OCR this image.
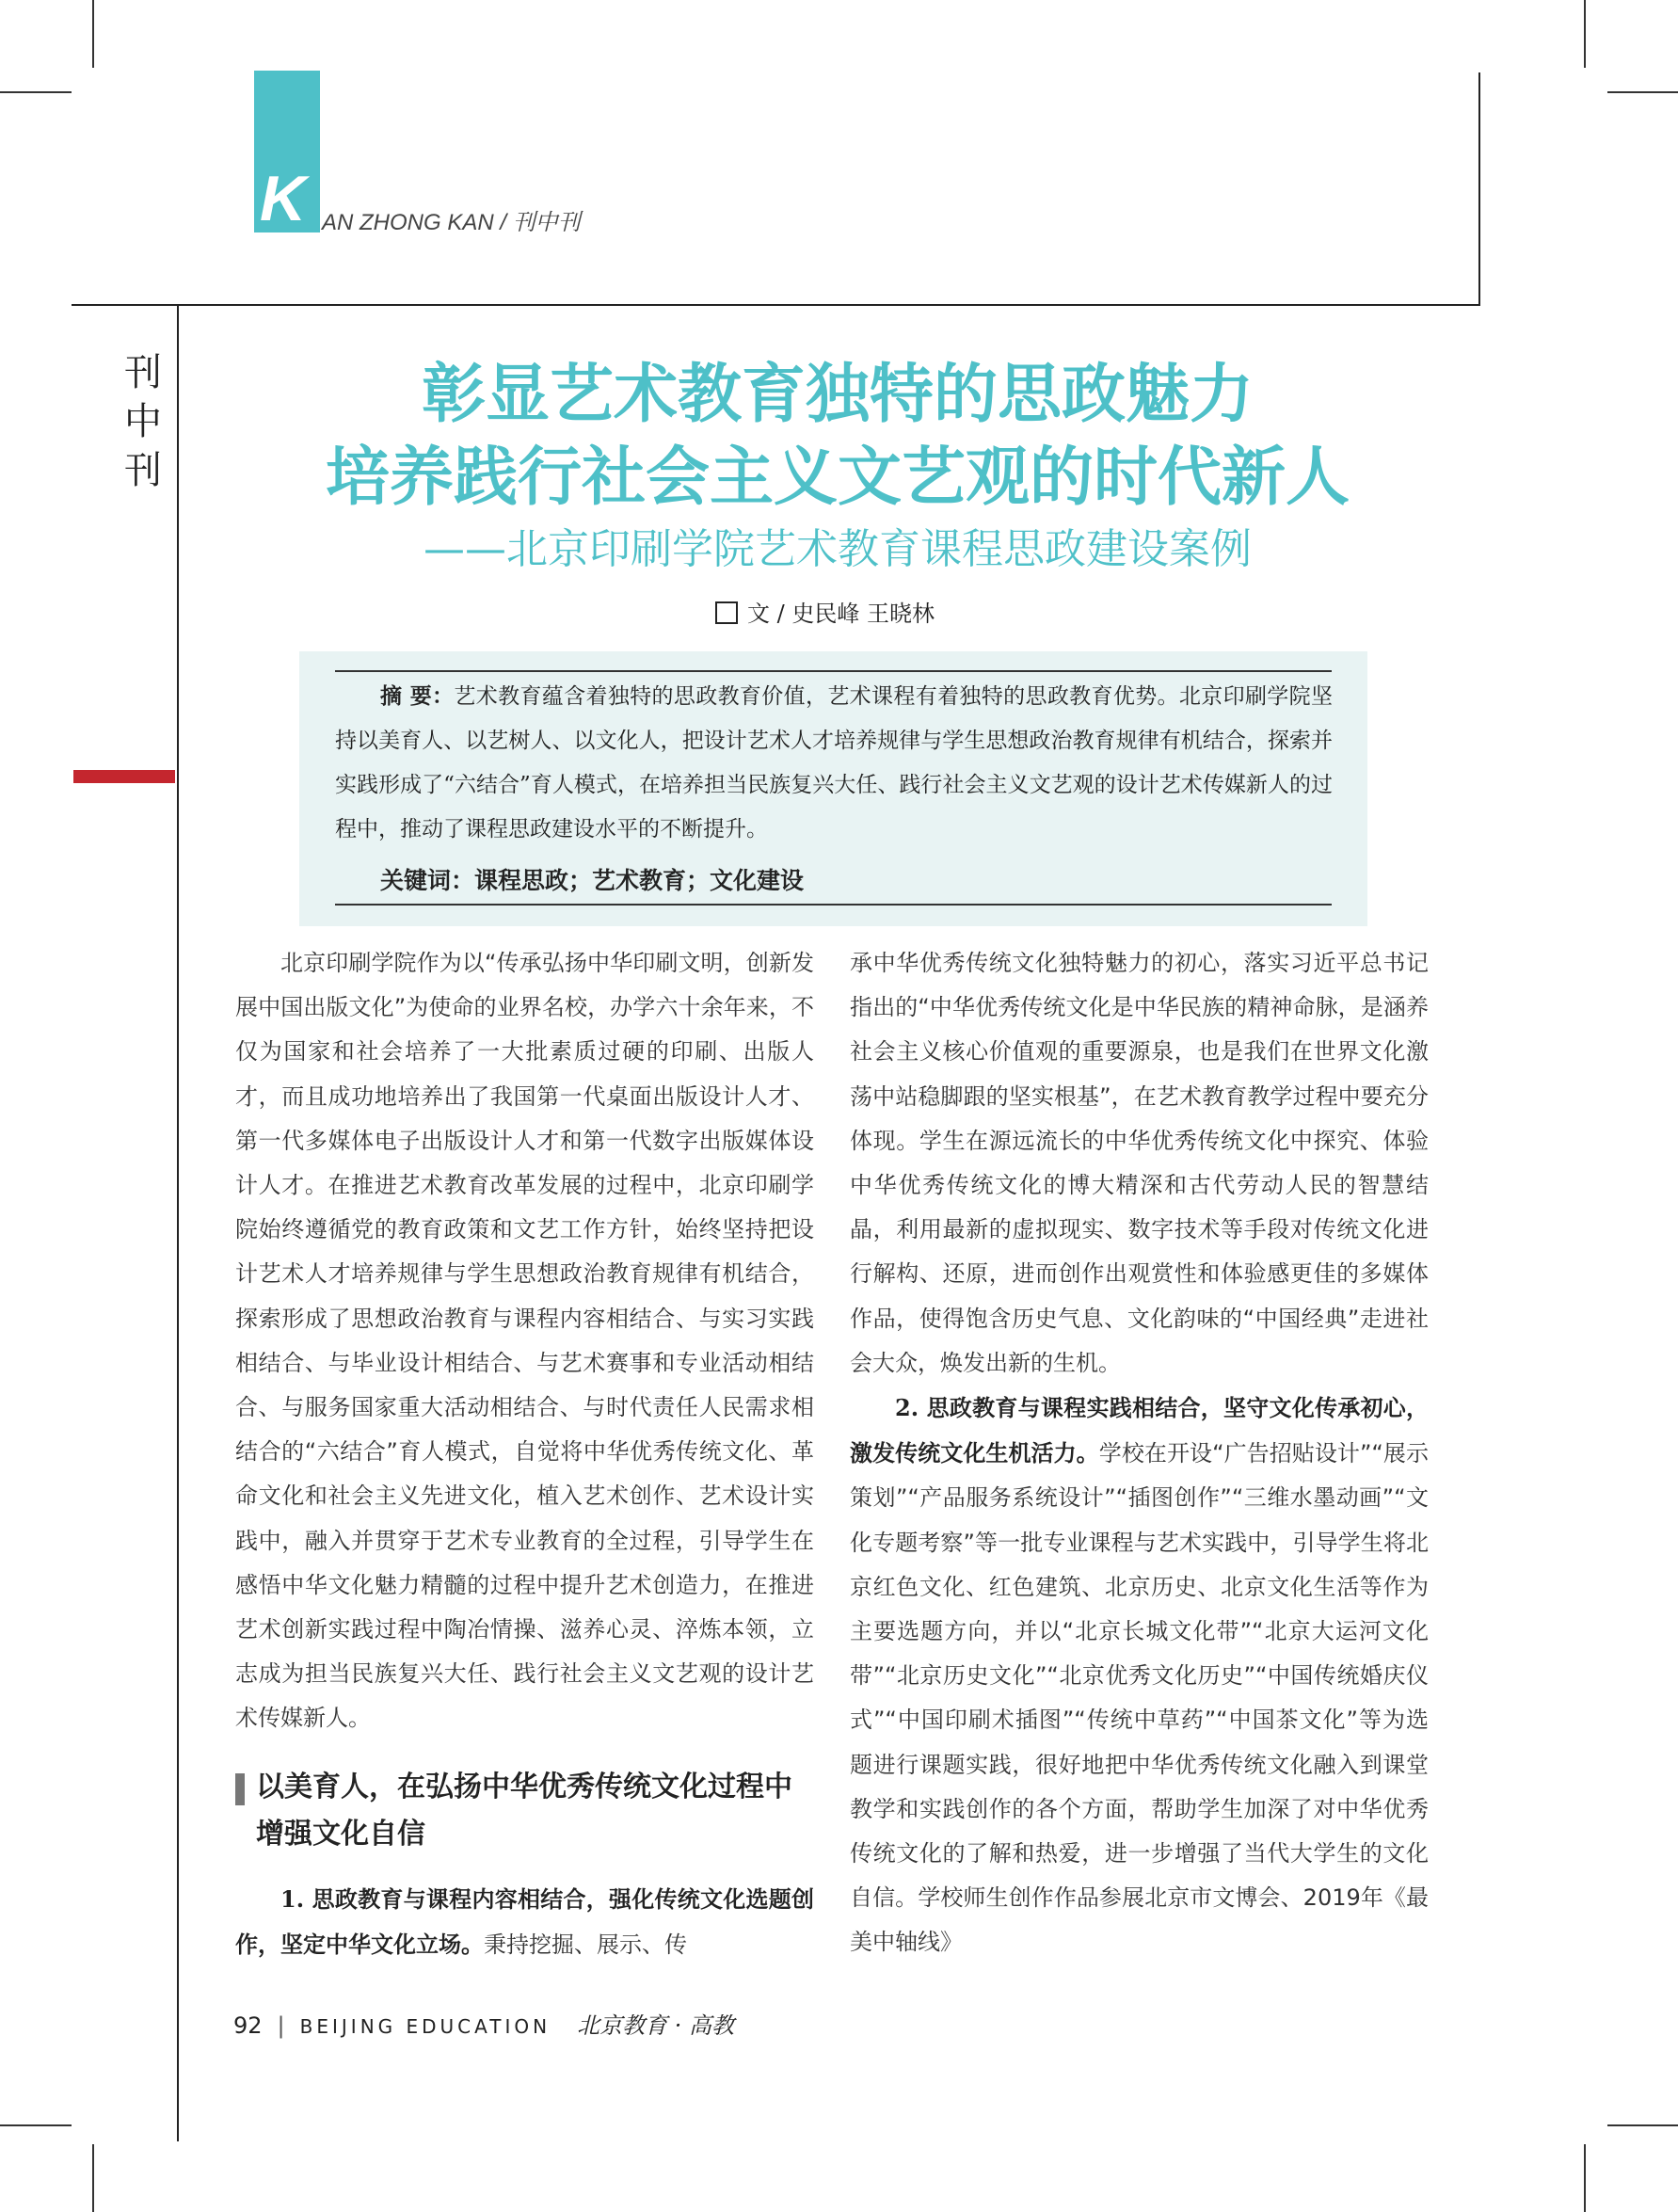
K AN ZHONG KAN / 刊中刊
刊
中
刊
彰显艺术教育独特的思政魅力
培养践行社会主义文艺观的时代新人
——北京印刷学院艺术教育课程思政建设案例
文 / 史民峰 王晓林
摘 要：艺术教育蕴含着独特的思政教育价值，艺术课程有着独特的思政教育优势。北京印刷学院坚持以美育人、以艺树人、以文化人，把设计艺术人才培养规律与学生思想政治教育规律有机结合，探索并实践形成了“六结合”育人模式，在培养担当民族复兴大任、践行社会主义文艺观的设计艺术传媒新人的过程中，推动了课程思政建设水平的不断提升。
关键词：课程思政；艺术教育；文化建设

北京印刷学院作为以“传承弘扬中华印刷文明，创新发展中国出版文化”为使命的业界名校，办学六十余年来，不仅为国家和社会培养了一大批素质过硬的印刷、出版人才，而且成功地培养出了我国第一代桌面出版设计人才、第一代多媒体电子出版设计人才和第一代数字出版媒体设计人才。在推进艺术教育改革发展的过程中，北京印刷学院始终遵循党的教育政策和文艺工作方针，始终坚持把设计艺术人才培养规律与学生思想政治教育规律有机结合，探索形成了思想政治教育与课程内容相结合、与实习实践相结合、与毕业设计相结合、与艺术赛事和专业活动相结合、与服务国家重大活动相结合、与时代责任人民需求相结合的“六结合”育人模式，自觉将中华优秀传统文化、革命文化和社会主义先进文化，植入艺术创作、艺术设计实践中，融入并贯穿于艺术专业教育的全过程，引导学生在感悟中华文化魅力精髓的过程中提升艺术创造力，在推进艺术创新实践过程中陶冶情操、滋养心灵、淬炼本领，立志成为担当民族复兴大任、践行社会主义文艺观的设计艺术传媒新人。

以美育人，在弘扬中华优秀传统文化过程中增强文化自信

1. 思政教育与课程内容相结合，强化传统文化选题创作，坚定中华文化立场。秉持挖掘、展示、传

承中华优秀传统文化独特魅力的初心，落实习近平总书记指出的“中华优秀传统文化是中华民族的精神命脉，是涵养社会主义核心价值观的重要源泉，也是我们在世界文化激荡中站稳脚跟的坚实根基”，在艺术教育教学过程中要充分体现。学生在源远流长的中华优秀传统文化中探究、体验中华优秀传统文化的博大精深和古代劳动人民的智慧结晶，利用最新的虚拟现实、数字技术等手段对传统文化进行解构、还原，进而创作出观赏性和体验感更佳的多媒体作品，使得饱含历史气息、文化韵味的“中国经典”走进社会大众，焕发出新的生机。

2. 思政教育与课程实践相结合，坚守文化传承初心，激发传统文化生机活力。学校在开设“广告招贴设计”“展示策划”“产品服务系统设计”“插图创作”“三维水墨动画”“文化专题考察”等一批专业课程与艺术实践中，引导学生将北京红色文化、红色建筑、北京历史、北京文化生活等作为主要选题方向，并以“北京长城文化带”“北京大运河文化带”“北京历史文化”“北京优秀文化历史”“中国传统婚庆仪式”“中国印刷术插图”“传统中草药”“中国茶文化”等为选题进行课题实践，很好地把中华优秀传统文化融入到课堂教学和实践创作的各个方面，帮助学生加深了对中华优秀传统文化的了解和热爱，进一步增强了当代大学生的文化自信。学校师生创作作品参展北京市文博会、2019年《最美中轴线》

92 | BEIJING EDUCATION 北京教育 · 高教
